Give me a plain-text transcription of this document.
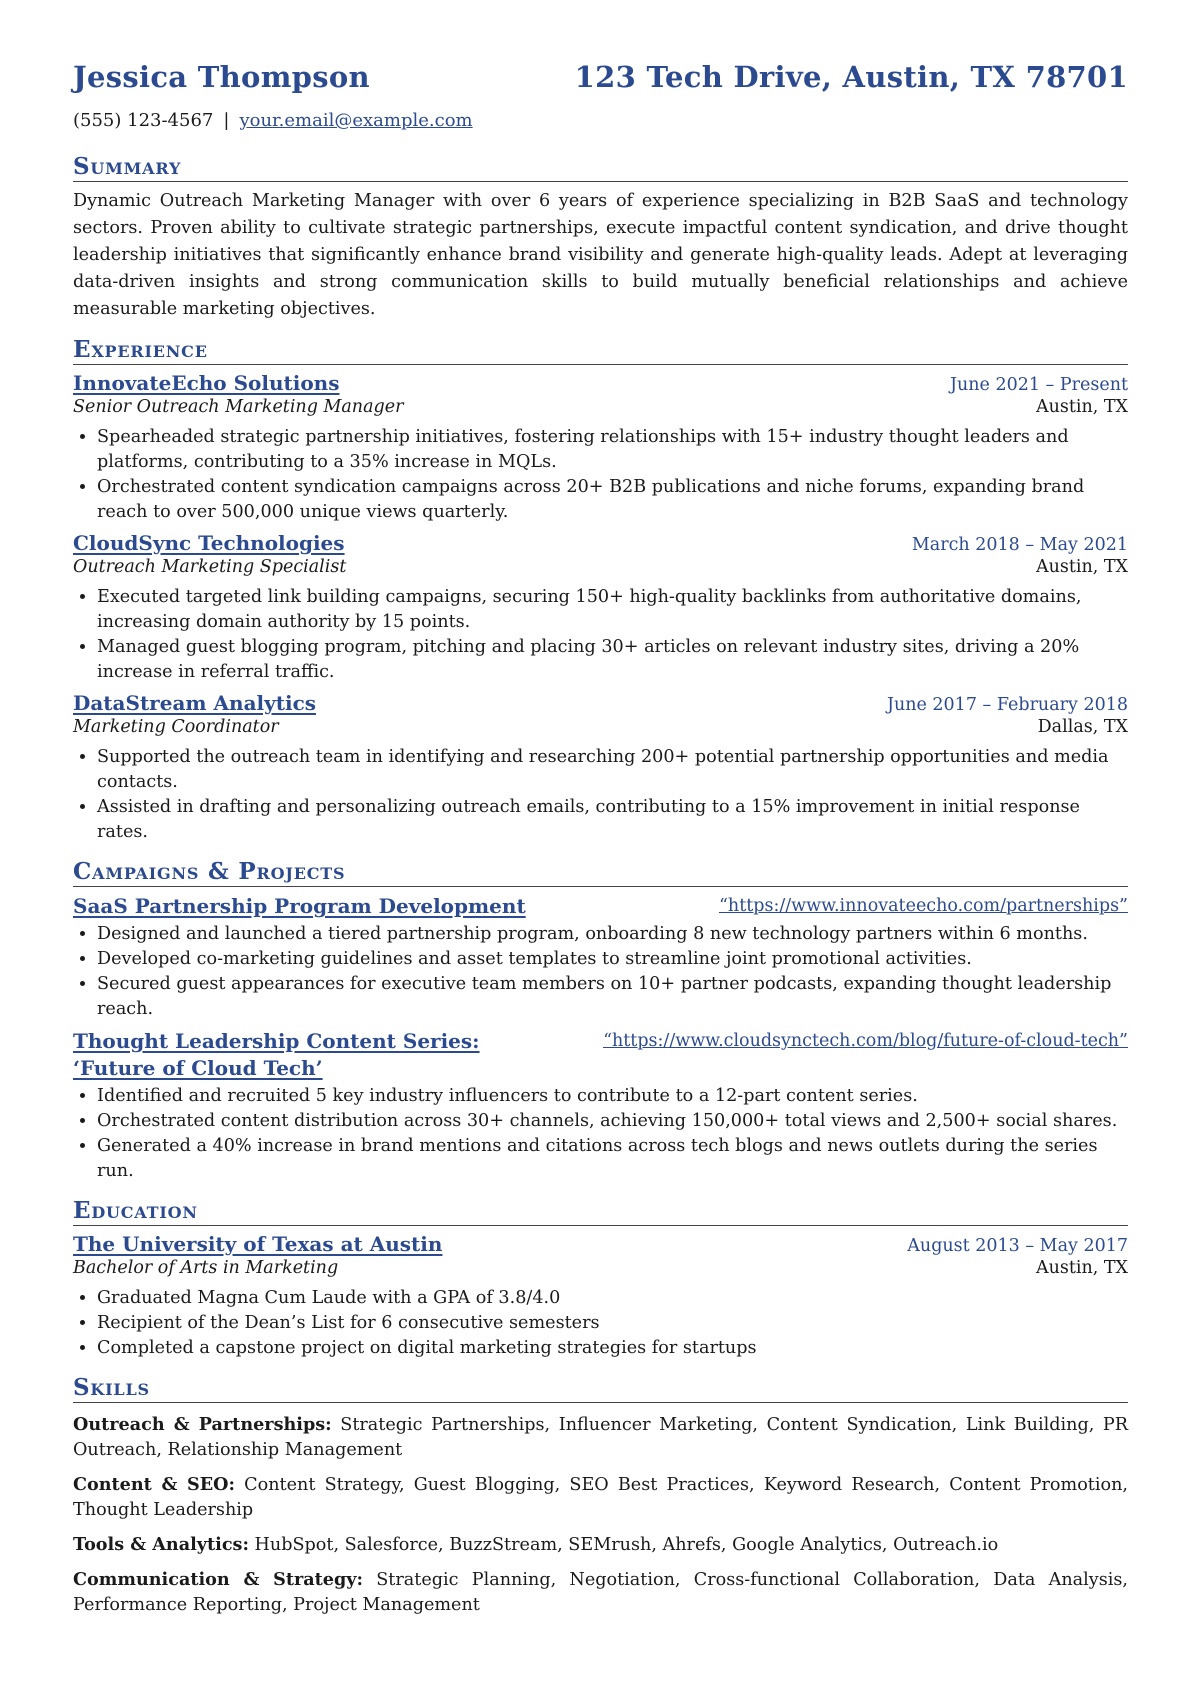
Jessica Thompson	123 Tech Drive, Austin, TX 78701
(555) 123-4567 | your.email@example.com
Summary
Dynamic Outreach Marketing Manager with over 6 years of experience specializing in B2B SaaS and technology sectors. Proven ability to cultivate strategic partnerships, execute impactful content syndication, and drive thought leadership initiatives that significantly enhance brand visibility and generate high-quality leads. Adept at leveraging data-driven insights and strong communication skills to build mutually beneficial relationships and achieve measurable marketing objectives.
Experience
InnovateEcho Solutions	June 2021 – Present
Senior Outreach Marketing Manager	Austin, TX
• Spearheaded strategic partnership initiatives, fostering relationships with 15+ industry thought leaders and platforms, contributing to a 35% increase in MQLs.
• Orchestrated content syndication campaigns across 20+ B2B publications and niche forums, expanding brand reach to over 500,000 unique views quarterly.
CloudSync Technologies	March 2018 – May 2021
Outreach Marketing Specialist	Austin, TX
• Executed targeted link building campaigns, securing 150+ high-quality backlinks from authoritative domains, increasing domain authority by 15 points.
• Managed guest blogging program, pitching and placing 30+ articles on relevant industry sites, driving a 20% increase in referral traffic.
DataStream Analytics	June 2017 – February 2018
Marketing Coordinator	Dallas, TX
• Supported the outreach team in identifying and researching 200+ potential partnership opportunities and media contacts.
• Assisted in drafting and personalizing outreach emails, contributing to a 15% improvement in initial response rates.
Campaigns & Projects
SaaS Partnership Program Development	“https://www.innovateecho.com/partnerships”
• Designed and launched a tiered partnership program, onboarding 8 new technology partners within 6 months.
• Developed co-marketing guidelines and asset templates to streamline joint promotional activities.
• Secured guest appearances for executive team members on 10+ partner podcasts, expanding thought leadership reach.
Thought Leadership Content Series: ‘Future of Cloud Tech’
“https://www.cloudsynctech.com/blog/future-of-cloud-tech”
• Identified and recruited 5 key industry influencers to contribute to a 12-part content series.
• Orchestrated content distribution across 30+ channels, achieving 150,000+ total views and 2,500+ social shares.
• Generated a 40% increase in brand mentions and citations across tech blogs and news outlets during the series run.
Education
The University of Texas at Austin	August 2013 – May 2017
Bachelor of Arts in Marketing	Austin, TX
• Graduated Magna Cum Laude with a GPA of 3.8/4.0
• Recipient of the Dean’s List for 6 consecutive semesters
• Completed a capstone project on digital marketing strategies for startups
Skills
Outreach & Partnerships: Strategic Partnerships, Influencer Marketing, Content Syndication, Link Building, PR Outreach, Relationship Management
Content & SEO: Content Strategy, Guest Blogging, SEO Best Practices, Keyword Research, Content Promotion, Thought Leadership
Tools & Analytics: HubSpot, Salesforce, BuzzStream, SEMrush, Ahrefs, Google Analytics, Outreach.io
Communication & Strategy: Strategic Planning, Negotiation, Cross-functional Collaboration, Data Analysis, Performance Reporting, Project Management
